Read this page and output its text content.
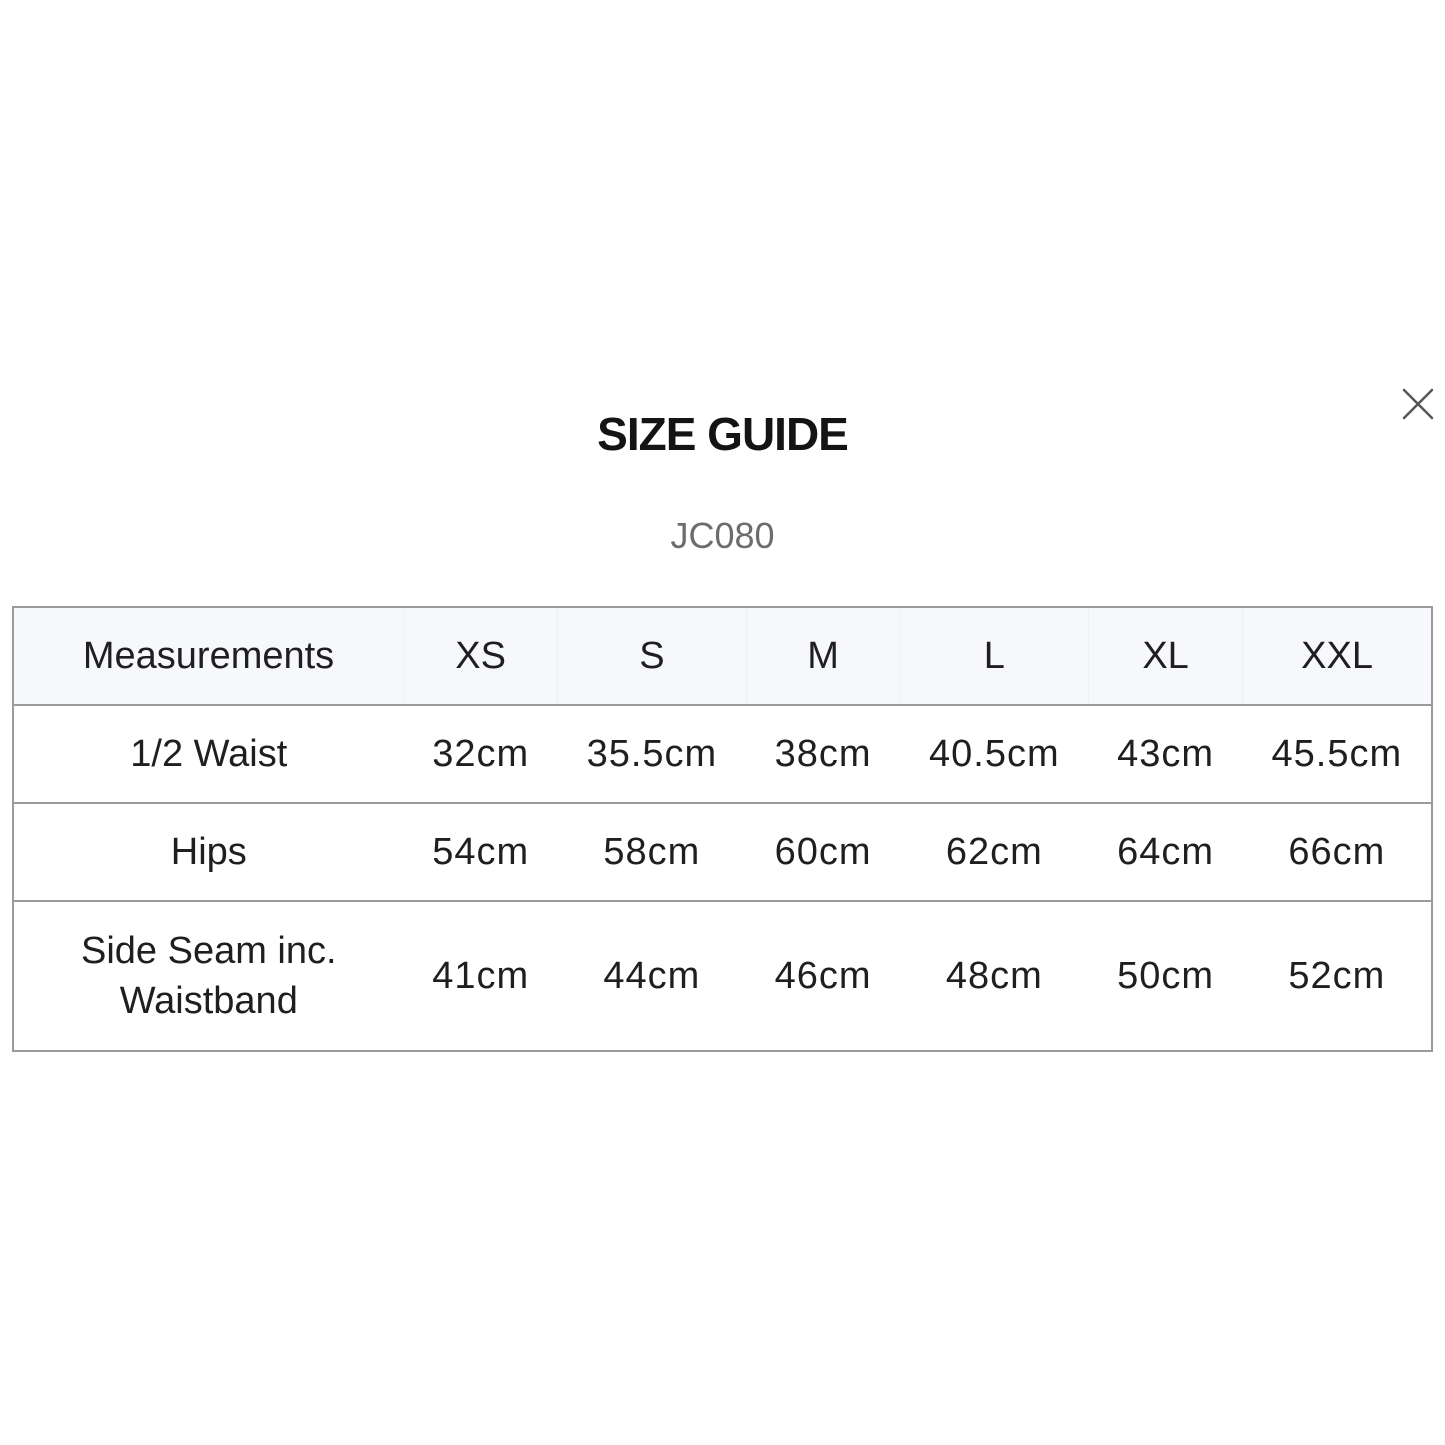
SIZE GUIDE
JC080
Measurements	XS	S	M	L	XL	XXL
1/2 Waist	32cm	35.5cm	38cm	40.5cm	43cm	45.5cm
Hips	54cm	58cm	60cm	62cm	64cm	66cm
Side Seam inc. Waistband	41cm	44cm	46cm	48cm	50cm	52cm
